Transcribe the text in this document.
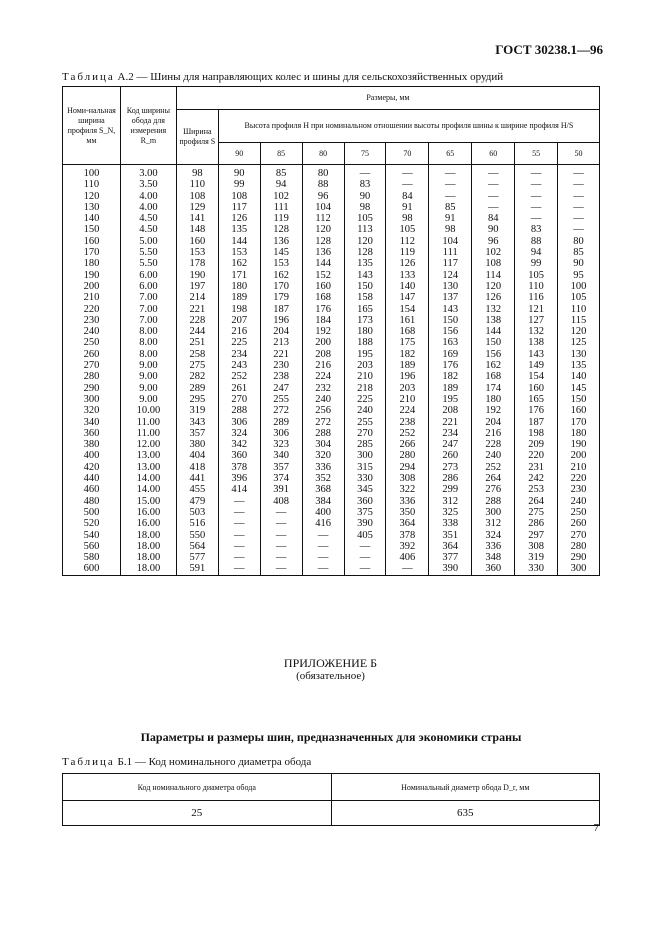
ГОСТ 30238.1—96
Таблица А.2 — Шины для направляющих колес и шины для сельскохозяйственных орудий
Номи-нальная ширина профиля S_N, мм	Код ширины обода для измерения R_m	Размеры, мм									
		Ширина профиля S	Высота профиля H при номинальном отношении высоты профиля шины к ширине профиля H/S								
			90	85	80	75	70	65	60	55	50
100	3.00	98	90	85	80	—	—	—	—	—	—
110	3.50	110	99	94	88	83	—	—	—	—	—
120	4.00	108	108	102	96	90	84	—	—	—	—
130	4.00	129	117	111	104	98	91	85	—	—	—
140	4.50	141	126	119	112	105	98	91	84	—	—
150	4.50	148	135	128	120	113	105	98	90	83	—
160	5.00	160	144	136	128	120	112	104	96	88	80
170	5.50	153	153	145	136	128	119	111	102	94	85
180	5.50	178	162	153	144	135	126	117	108	99	90
190	6.00	190	171	162	152	143	133	124	114	105	95
200	6.00	197	180	170	160	150	140	130	120	110	100
210	7.00	214	189	179	168	158	147	137	126	116	105
220	7.00	221	198	187	176	165	154	143	132	121	110
230	7.00	228	207	196	184	173	161	150	138	127	115
240	8.00	244	216	204	192	180	168	156	144	132	120
250	8.00	251	225	213	200	188	175	163	150	138	125
260	8.00	258	234	221	208	195	182	169	156	143	130
270	9.00	275	243	230	216	203	189	176	162	149	135
280	9.00	282	252	238	224	210	196	182	168	154	140
290	9.00	289	261	247	232	218	203	189	174	160	145
300	9.00	295	270	255	240	225	210	195	180	165	150
320	10.00	319	288	272	256	240	224	208	192	176	160
340	11.00	343	306	289	272	255	238	221	204	187	170
360	11.00	357	324	306	288	270	252	234	216	198	180
380	12.00	380	342	323	304	285	266	247	228	209	190
400	13.00	404	360	340	320	300	280	260	240	220	200
420	13.00	418	378	357	336	315	294	273	252	231	210
440	14.00	441	396	374	352	330	308	286	264	242	220
460	14.00	455	414	391	368	345	322	299	276	253	230
480	15.00	479	—	408	384	360	336	312	288	264	240
500	16.00	503	—	—	400	375	350	325	300	275	250
520	16.00	516	—	—	416	390	364	338	312	286	260
540	18.00	550	—	—	—	405	378	351	324	297	270
560	18.00	564	—	—	—	—	392	364	336	308	280
580	18.00	577	—	—	—	—	406	377	348	319	290
600	18.00	591	—	—	—	—	—	390	360	330	300
ПРИЛОЖЕНИЕ Б
(обязательное)
Параметры и размеры шин, предназначенных для экономики страны
Таблица Б.1 — Код номинального диаметра обода
Код номинального диаметра обода	Номинальный диаметр обода D_r, мм
25	635
7
